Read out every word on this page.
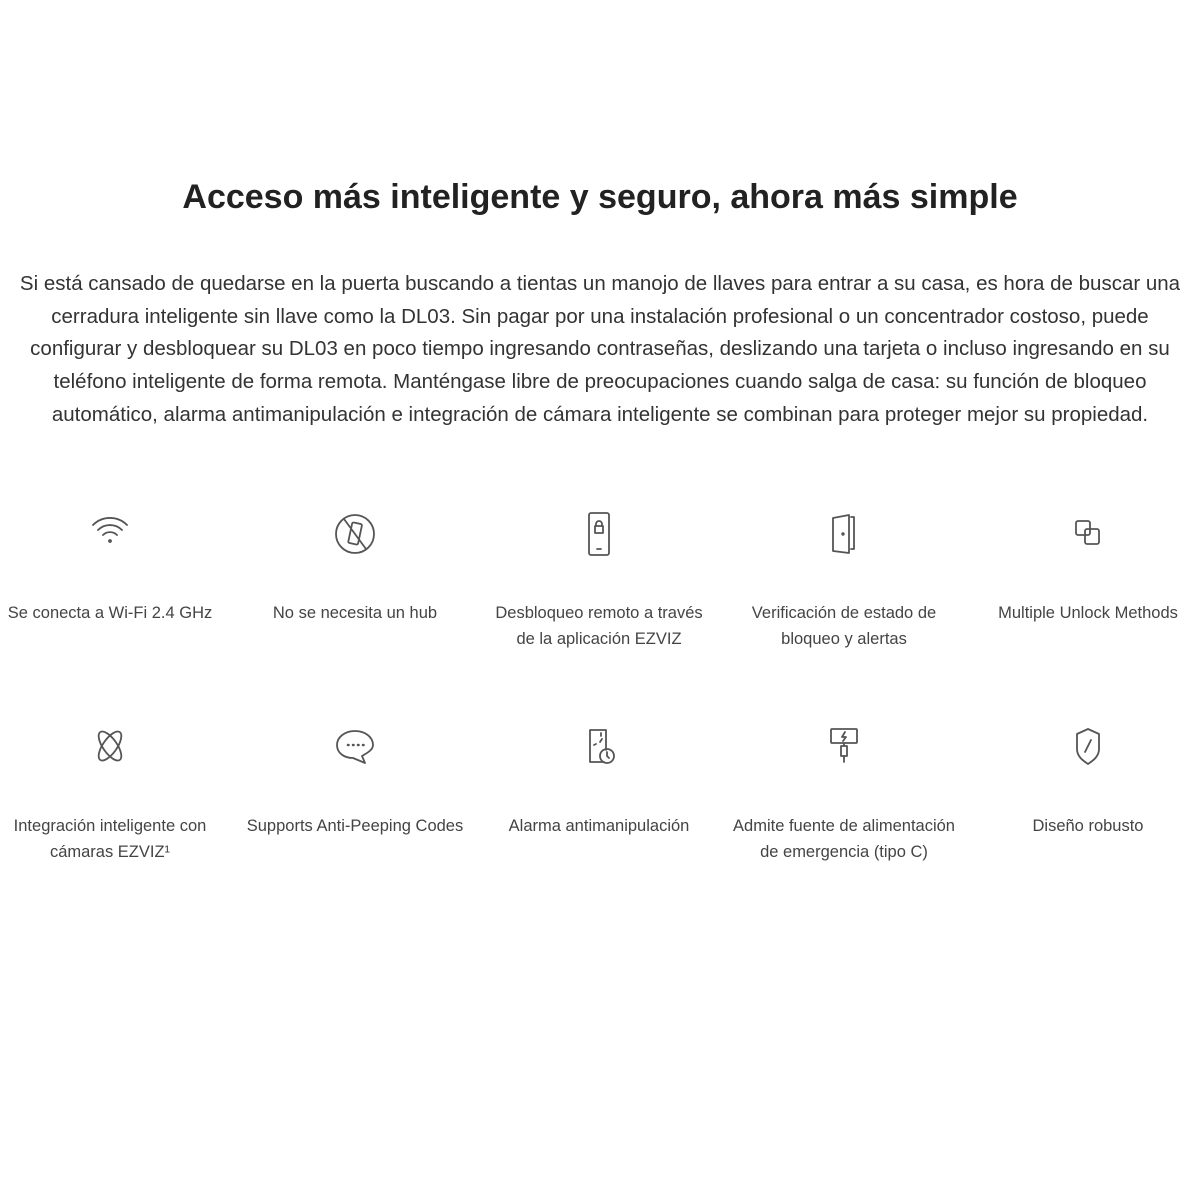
Acceso más inteligente y seguro, ahora más simple

Si está cansado de quedarse en la puerta buscando a tientas un manojo de llaves para entrar a su casa, es hora de buscar una cerradura inteligente sin llave como la DL03. Sin pagar por una instalación profesional o un concentrador costoso, puede configurar y desbloquear su DL03 en poco tiempo ingresando contraseñas, deslizando una tarjeta o incluso ingresando en su teléfono inteligente de forma remota. Manténgase libre de preocupaciones cuando salga de casa: su función de bloqueo automático, alarma antimanipulación e integración de cámara inteligente se combinan para proteger mejor su propiedad.

Se conecta a Wi-Fi 2.4 GHz	No se necesita un hub	Desbloqueo remoto a través de la aplicación EZVIZ
Verificación de estado de bloqueo y alertas
Multiple Unlock Methods
Integración inteligente con cámaras EZVIZ¹
Supports Anti-Peeping Codes	Alarma antimanipulación	Admite fuente de alimentación de emergencia (tipo C)
Diseño robusto
